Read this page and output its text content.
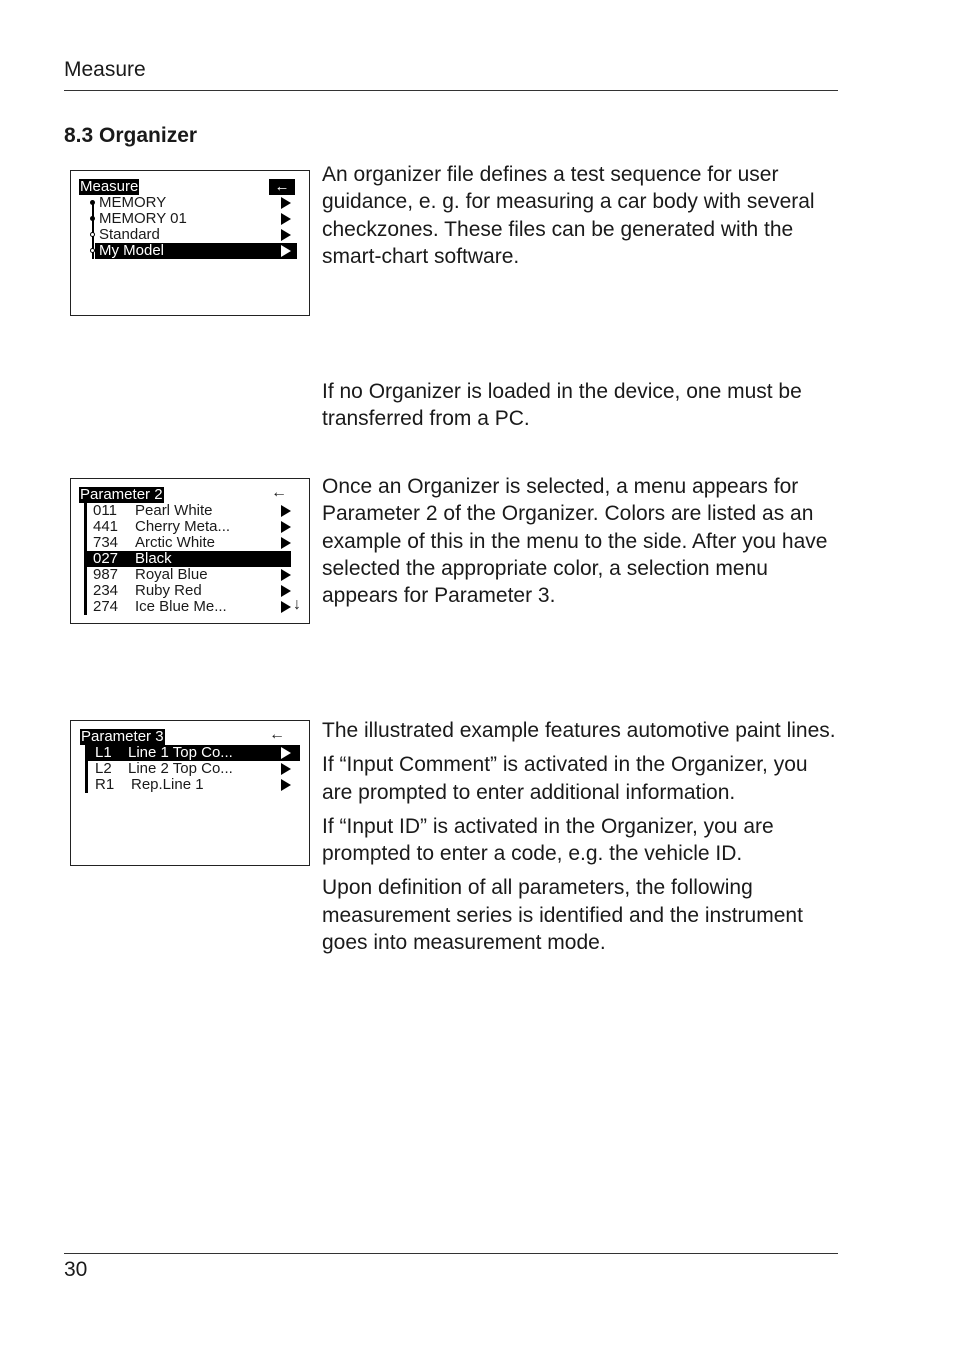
Measure
8.3 Organizer
Measure	←
MEMORY
MEMORY 01
Standard
My Model

An organizer file defines a test sequence for user guidance, e. g. for measuring a car body with several checkzones. These files can be generated with the smart-chart software.

If no Organizer is loaded in the device, one must be transferred from a PC.

Parameter 2	←
011 Pearl White
441 Cherry Meta...
734 Arctic White
027 Black
987 Royal Blue
234 Ruby Red
274 Ice Blue Me...	↓

Once an Organizer is selected, a menu appears for Parameter 2 of the Organizer. Colors are listed as an example of this in the menu to the side. After you have selected the appropriate color, a selection menu appears for Parameter 3.

Parameter 3	←
L1 Line 1 Top Co...
L2 Line 2 Top Co...
R1 Rep.Line 1

The illustrated example features automotive paint lines.

If “Input Comment” is activated in the Organizer, you are prompted to enter additional information.

If “Input ID” is activated in the Organizer, you are prompted to enter a code, e.g. the vehicle ID.

Upon definition of all parameters, the following measurement series is identified and the instrument goes into measurement mode.

30
